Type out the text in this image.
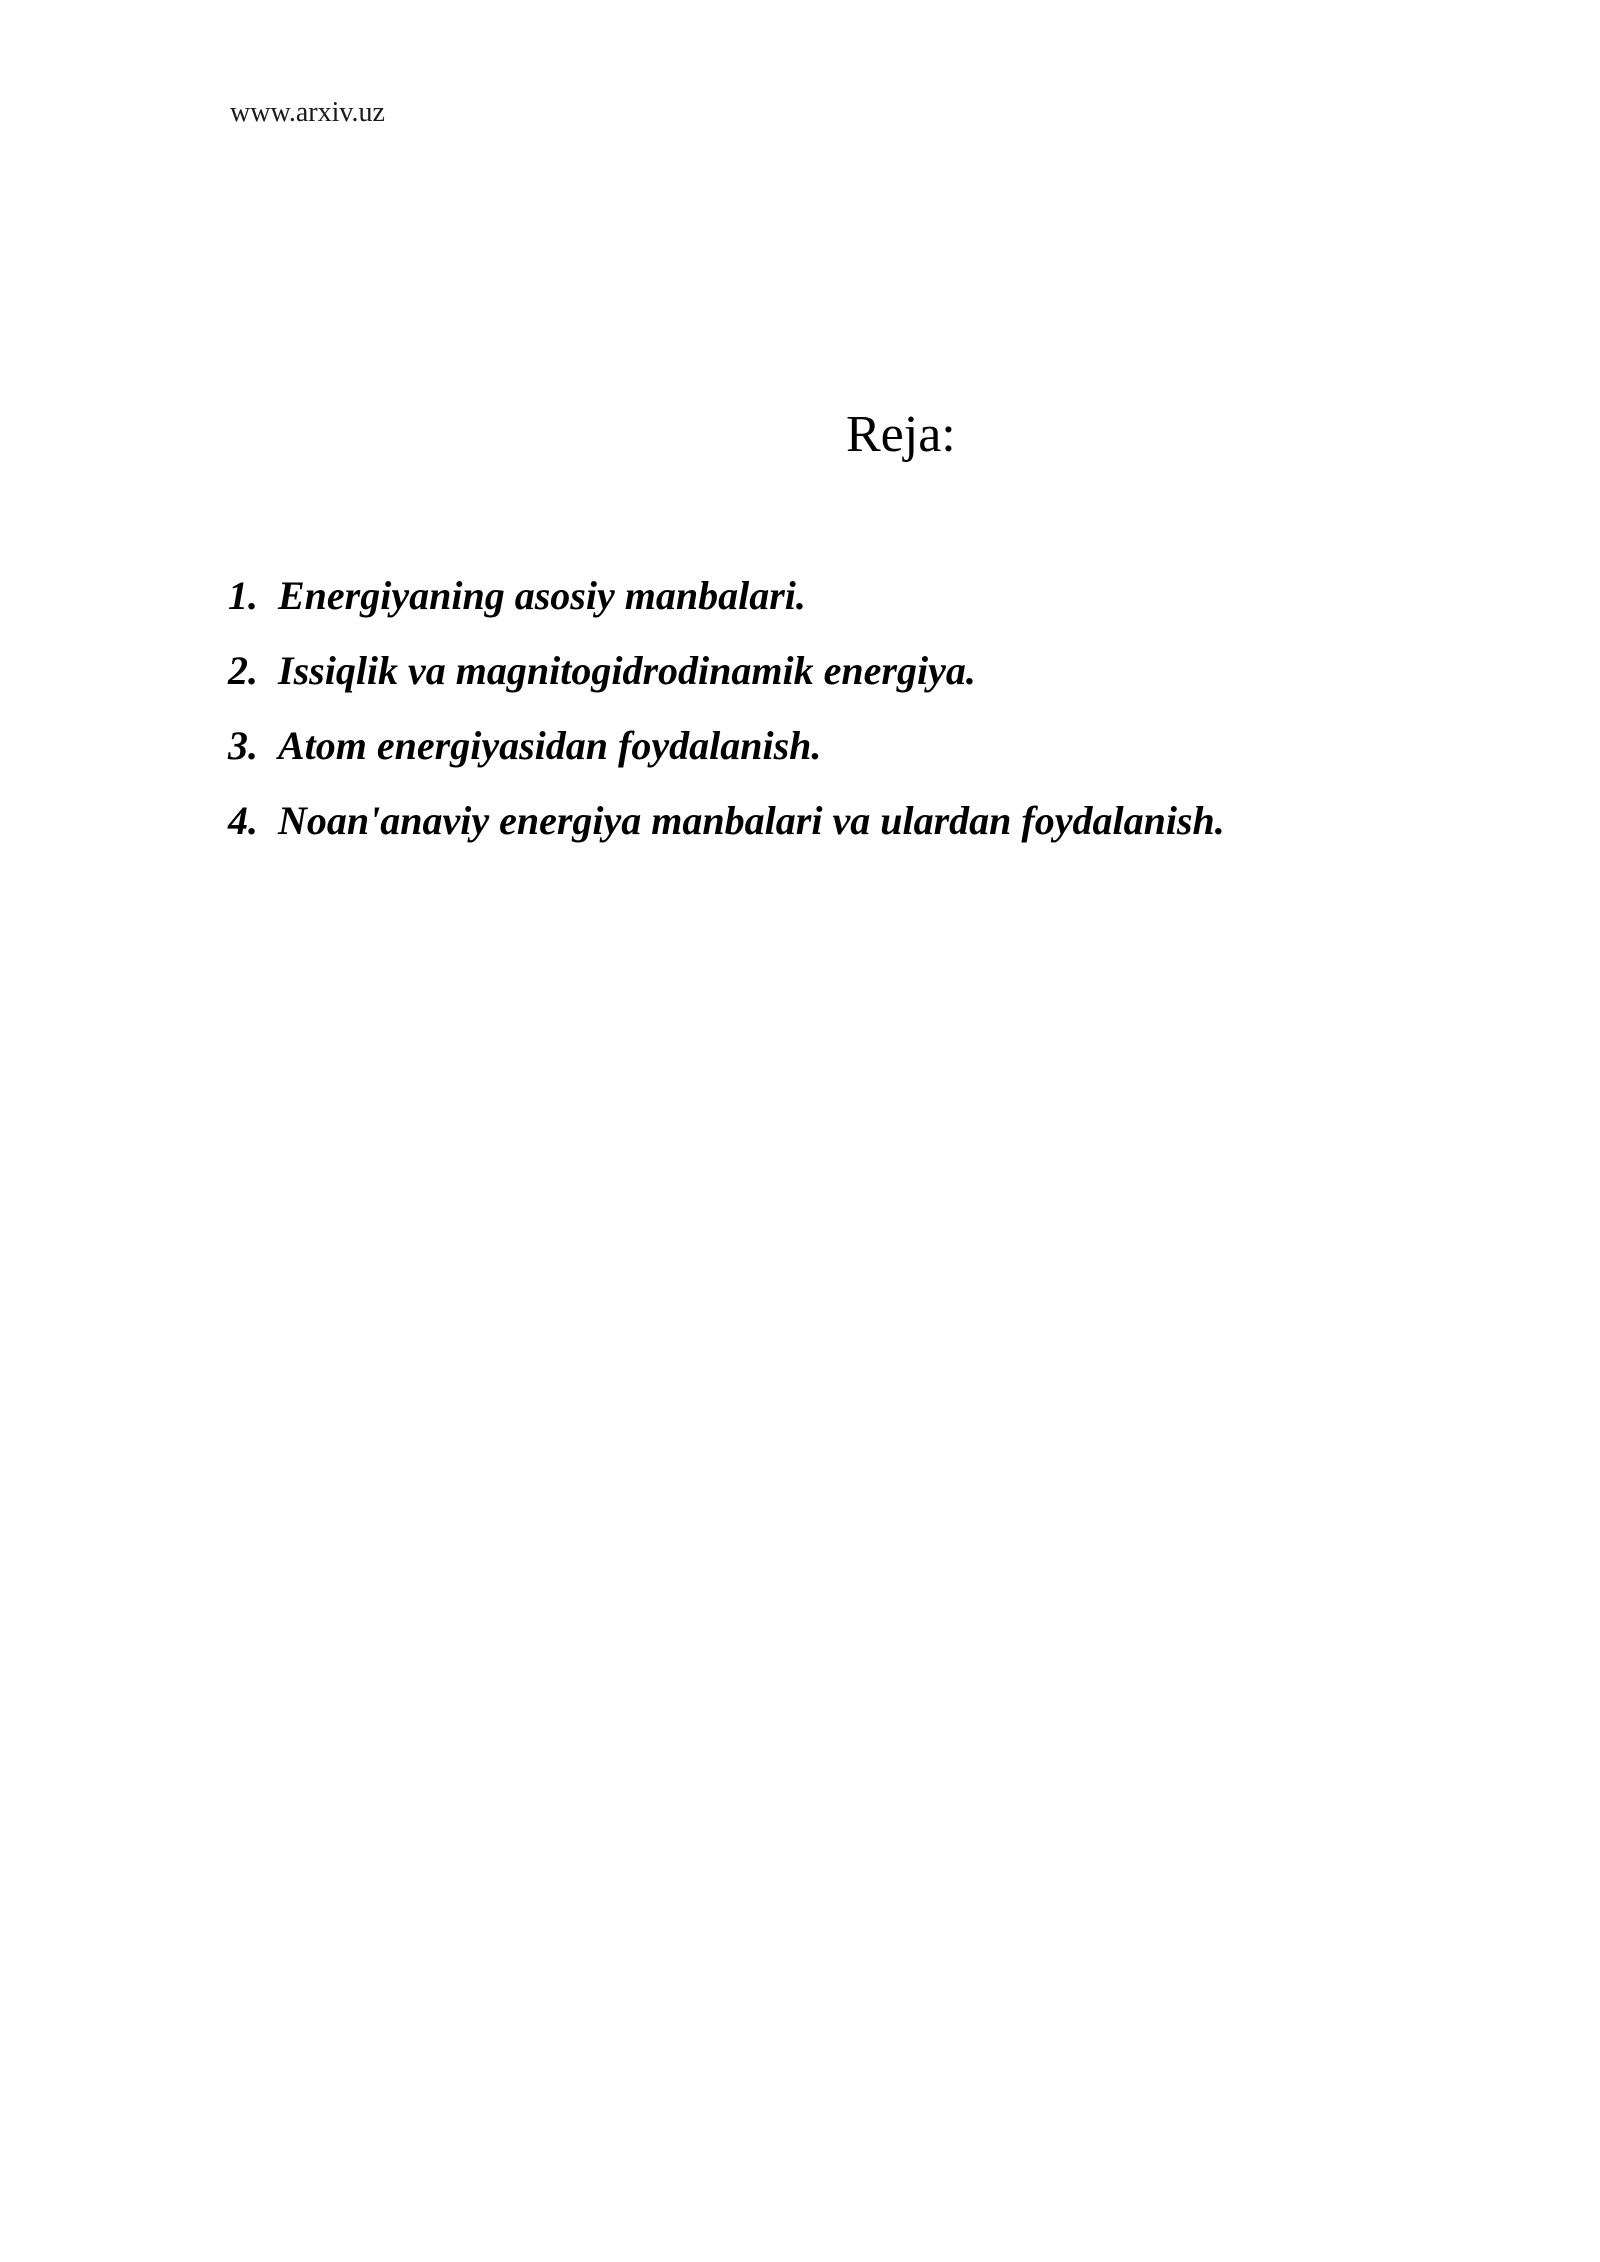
www.arxiv.uz
Reja:
1. Energiyaning asosiy manbalari.
2. Issiqlik va magnitogidrodinamik energiya.
3. Atom energiyasidan foydalanish.
4. Noan'anaviy energiya manbalari va ulardan foydalanish.
